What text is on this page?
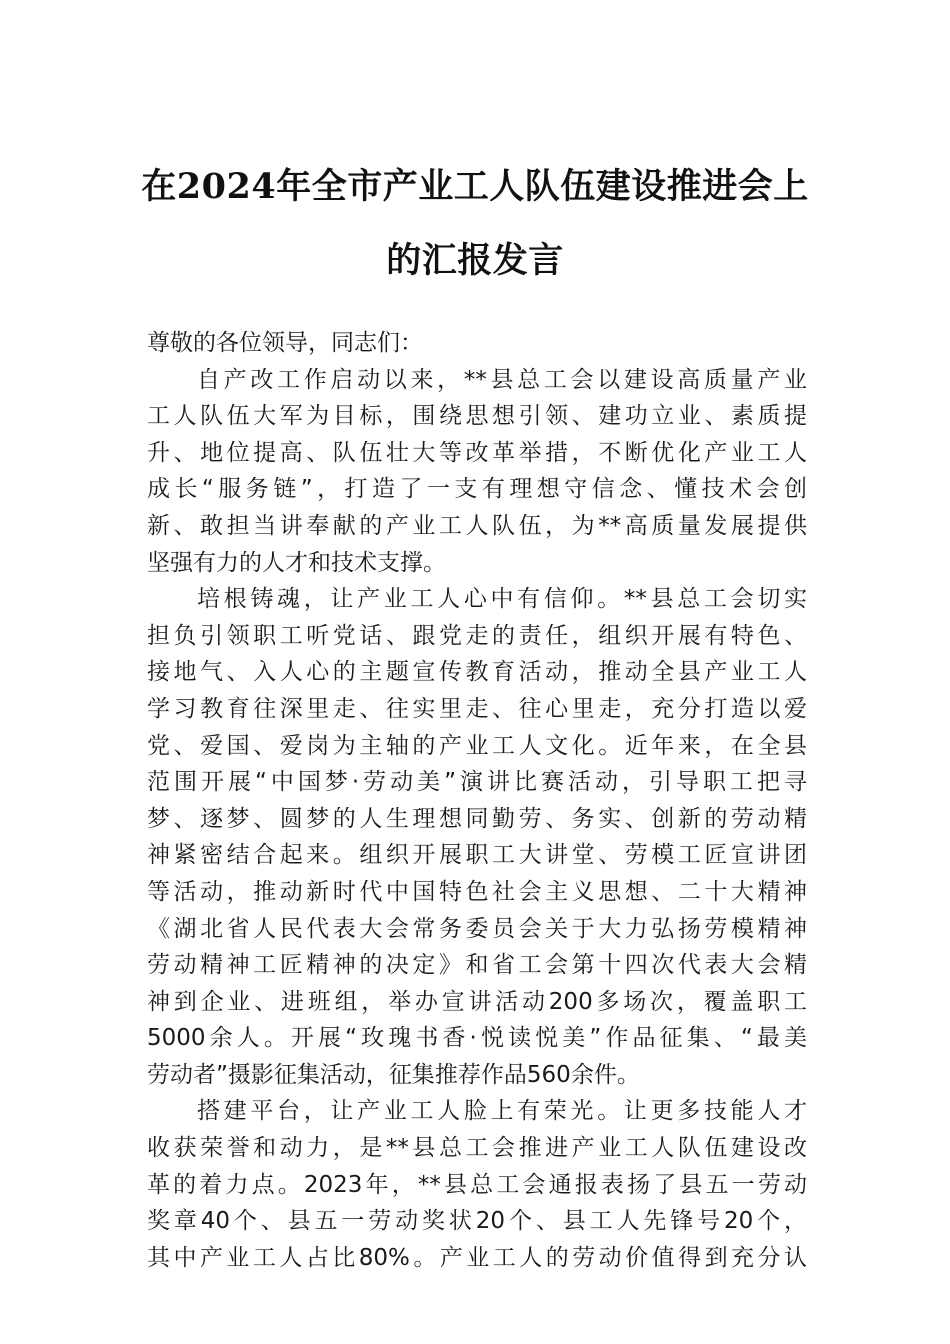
在2024年全市产业工人队伍建设推进会上
的汇报发言

尊敬的各位领导，同志们：

自产改工作启动以来，**县总工会以建设高质量产业
工人队伍大军为目标，围绕思想引领、建功立业、素质提
升、地位提高、队伍壮大等改革举措，不断优化产业工人
成长“服务链”，打造了一支有理想守信念、懂技术会创
新、敢担当讲奉献的产业工人队伍，为**高质量发展提供
坚强有力的人才和技术支撑。

培根铸魂，让产业工人心中有信仰。**县总工会切实
担负引领职工听党话、跟党走的责任，组织开展有特色、
接地气、入人心的主题宣传教育活动，推动全县产业工人
学习教育往深里走、往实里走、往心里走，充分打造以爱
党、爱国、爱岗为主轴的产业工人文化。近年来，在全县
范围开展“中国梦·劳动美”演讲比赛活动，引导职工把寻
梦、逐梦、圆梦的人生理想同勤劳、务实、创新的劳动精
神紧密结合起来。组织开展职工大讲堂、劳模工匠宣讲团
等活动，推动新时代中国特色社会主义思想、二十大精神
《湖北省人民代表大会常务委员会关于大力弘扬劳模精神
劳动精神工匠精神的决定》和省工会第十四次代表大会精
神到企业、进班组，举办宣讲活动200多场次，覆盖职工
5000余人。开展“玫瑰书香·悦读悦美”作品征集、“最美
劳动者”摄影征集活动，征集推荐作品560余件。

搭建平台，让产业工人脸上有荣光。让更多技能人才
收获荣誉和动力，是**县总工会推进产业工人队伍建设改
革的着力点。2023年，**县总工会通报表扬了县五一劳动
奖章40个、县五一劳动奖状20个、县工人先锋号20个，
其中产业工人占比80%。产业工人的劳动价值得到充分认
